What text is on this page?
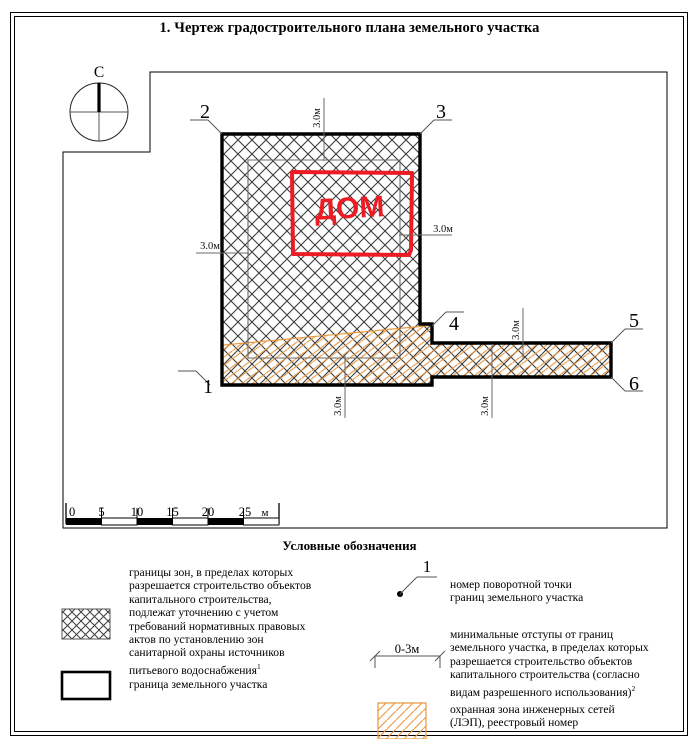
1. Чертеж градостроительного плана земельного участка
Условные обозначения
С
ДОМ
3.0м
3.0м
3.0м
3.0м	3.0м
3.0м
1
2	3
4	5
6
0 5 10 15 20 25 м
1
0-3м
границы зон, в пределах которых
разрешается строительство объектов
капитального строительства,
подлежат уточнению с учетом
требований нормативных правовых
актов по установлению зон
санитарной охраны источников
питьевого водоснабжения$^1$
граница земельного участка
номер поворотной точки
границ земельного участка
минимальные отступы от границ
земельного участка, в пределах которых
разрешается строительство объектов
капитального строительства (согласно
видам разрешенного использования)$^2$
охранная зона инженерных сетей
(ЛЭП), реестровый номер
